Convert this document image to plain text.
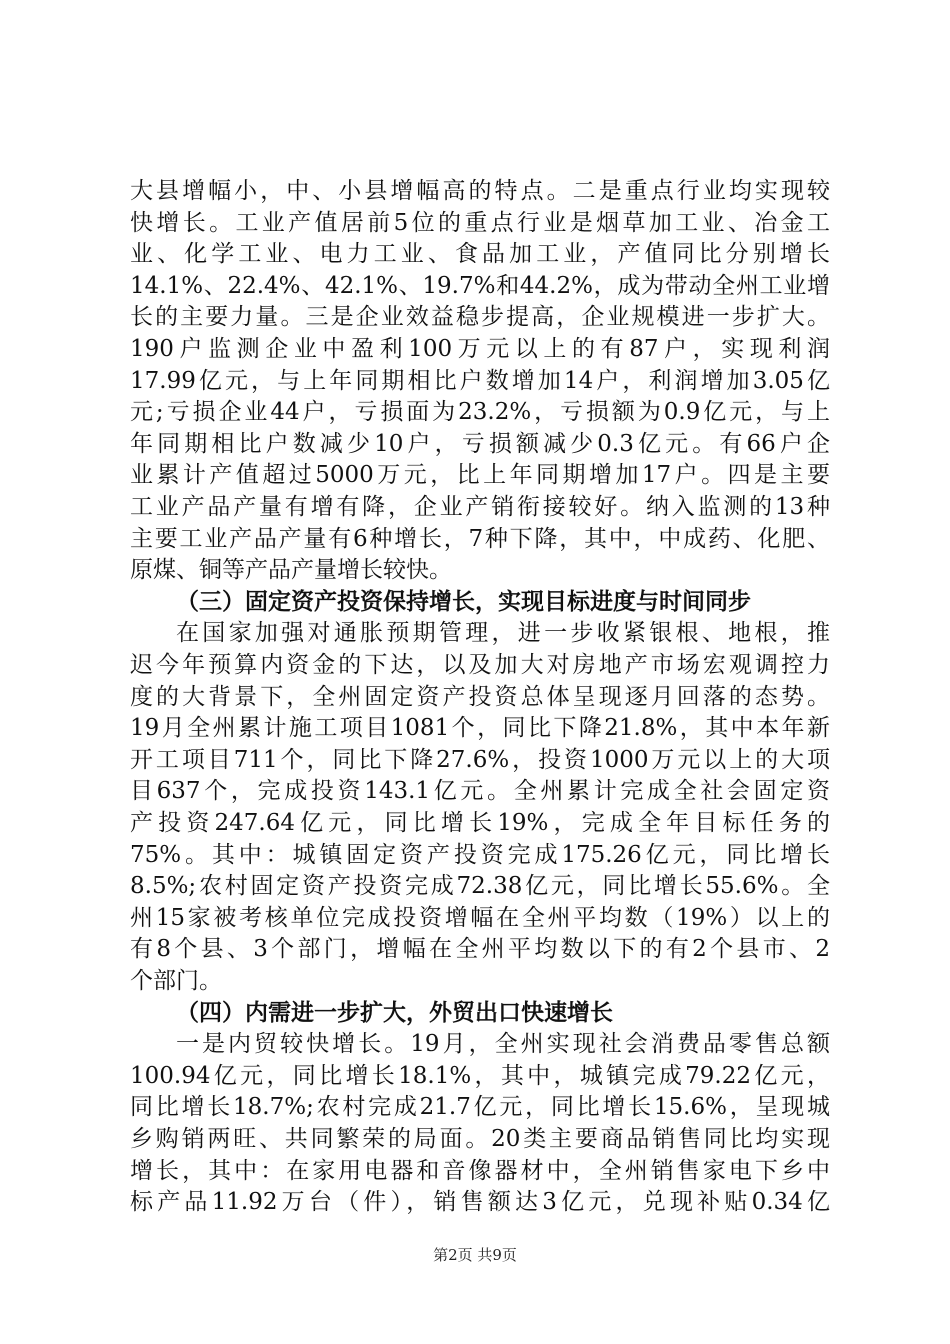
大县增幅小，中、小县增幅高的特点。二是重点行业均实现较
快增长。工业产值居前5位的重点行业是烟草加工业、冶金工
业、化学工业、电力工业、食品加工业，产值同比分别增长
14.1%、22.4%、42.1%、19.7%和44.2%，成为带动全州工业增
长的主要力量。三是企业效益稳步提高，企业规模进一步扩大。
190户监测企业中盈利100万元以上的有87户，实现利润
17.99亿元，与上年同期相比户数增加14户，利润增加3.05亿
元;亏损企业44户，亏损面为23.2%，亏损额为0.9亿元，与上
年同期相比户数减少10户，亏损额减少0.3亿元。有66户企
业累计产值超过5000万元，比上年同期增加17户。四是主要
工业产品产量有增有降，企业产销衔接较好。纳入监测的13种
主要工业产品产量有6种增长，7种下降，其中，中成药、化肥、
原煤、铜等产品产量增长较快。
（三）固定资产投资保持增长，实现目标进度与时间同步
在国家加强对通胀预期管理，进一步收紧银根、地根，推
迟今年预算内资金的下达，以及加大对房地产市场宏观调控力
度的大背景下，全州固定资产投资总体呈现逐月回落的态势。
19月全州累计施工项目1081个，同比下降21.8%，其中本年新
开工项目711个，同比下降27.6%，投资1000万元以上的大项
目637个，完成投资143.1亿元。全州累计完成全社会固定资
产投资247.64亿元，同比增长19%，完成全年目标任务的
75%。其中：城镇固定资产投资完成175.26亿元，同比增长
8.5%;农村固定资产投资完成72.38亿元，同比增长55.6%。全
州15家被考核单位完成投资增幅在全州平均数（19%）以上的
有8个县、3个部门，增幅在全州平均数以下的有2个县市、2
个部门。
（四）内需进一步扩大，外贸出口快速增长
一是内贸较快增长。19月，全州实现社会消费品零售总额
100.94亿元，同比增长18.1%，其中，城镇完成79.22亿元，
同比增长18.7%;农村完成21.7亿元，同比增长15.6%，呈现城
乡购销两旺、共同繁荣的局面。20类主要商品销售同比均实现
增长，其中：在家用电器和音像器材中，全州销售家电下乡中
标产品11.92万台（件），销售额达3亿元，兑现补贴0.34亿
第2页 共9页
